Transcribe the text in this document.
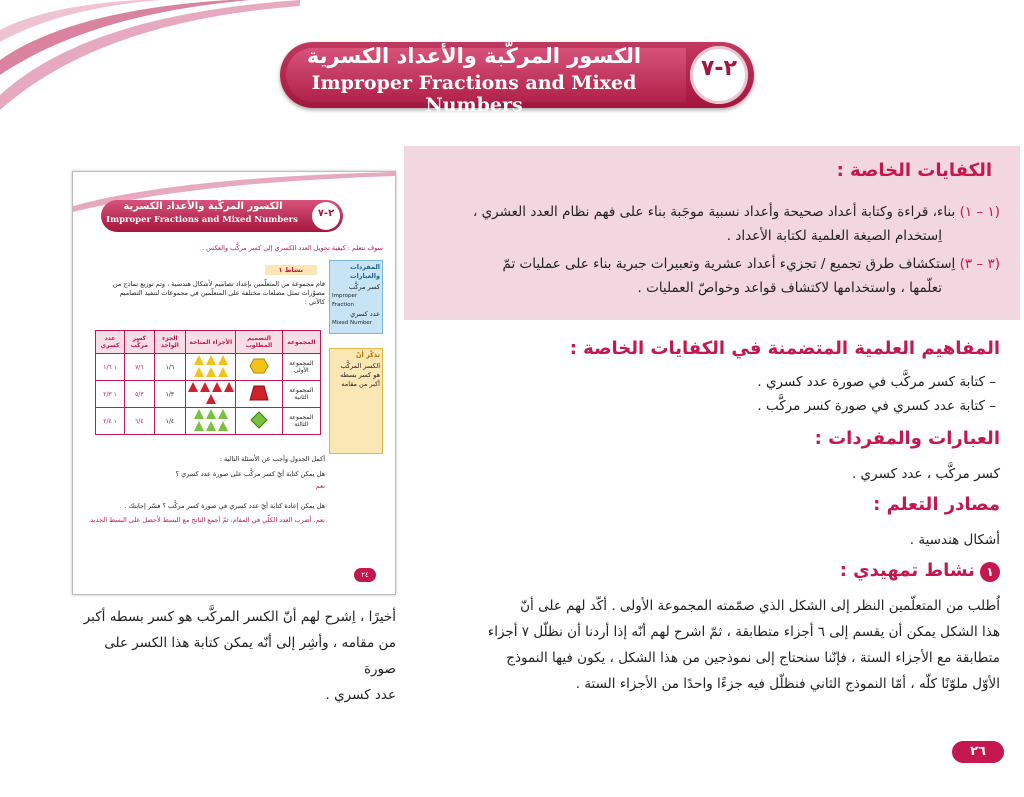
الكسور المركَّبة والأعداد الكسرية
Improper Fractions and Mixed Numbers
٢-٧
الكفايات الخاصة :
(١ – ١) بناء، قراءة وكتابة أعداد صحيحة وأعداد نسبية موجَبة بناء على فهم نظام العدد العشري ،
اِستخدام الصيغة العلمية لكتابة الأعداد .
(٣ – ٣) اِستكشاف طرق تجميع / تجزيء أعداد عشرية وتعبيرات جبرية بناء على عمليات تمّ
تعلّمها ، واستخدامها لاكتشاف قواعد وخواصّ العمليات .
المفاهيم العلمية المتضمنة في الكفايات الخاصة :
– كتابة كسر مركَّب في صورة عدد كسري .
– كتابة عدد كسري في صورة كسر مركَّب .
العبارات والمفردات :
كسر مركَّب ، عدد كسري .
مصادر التعلم :
أشكال هندسية .
١ نشاط تمهيدي :
اُطلب من المتعلّمين النظر إلى الشكل الذي صمّمته المجموعة الأولى . أكّد لهم على أنّ
هذا الشكل يمكن أن يقسم إلى ٦ أجزاء متطابقة ، ثمّ اشرح لهم أنّه إذا أردنا أن نظلّل ٧ أجزاء
متطابقة مع الأجزاء الستة ، فإنّنا سنحتاج إلى نموذجين من هذا الشكل ، يكون فيها النموذج
الأوّل ملوّنًا كلّه ، أمّا النموذج الثاني فنظلّل فيه جزءًا واحدًا من الأجزاء الستة .
أخيرًا ، اِشرح لهم أنّ الكسر المركَّب هو كسر بسطه أكبر
من مقامه ، وأشِر إلى أنّه يمكن كتابة هذا الكسر على صورة
عدد كسري .
الكسور المركَّبة والأعداد الكسرية
Improper Fractions and Mixed Numbers
٢-٧
سوف نتعلم : كيفية تحويل العدد الكسري إلى كسر مركَّب والعكس .
المفردات والعبارات
كسر مركَّب
Improper Fraction
عدد كسري
Mixed Number
تذكّر أنّ
الكسر المركَّب هو كسر بسطه أكبر من مقامه
نشاط ١
قام مجموعة من المتعلّمين بإعداد تصاميم لأشكال هندسية ، وتم توزيع نماذج من
مصوّرات تمثل مضلعات مختلفة على المتعلّمين في مجموعات لتنفيذ التصاميم
كالآتي :
المجموعة	التصميم المطلوب	الأجزاء المتاحة	الجزء الواحد	كسر مركَّب	عدد كسري
المجموعة الأولى			١/٦	٧/٦	١ ١/٦
المجموعة الثانية			١/٣	٥/٣	١ ٢/٣
المجموعة الثالثة			١/٤	٦/٤	١ ٢/٤
أكمل الجدول وأجب عن الأسئلة التالية :
هل يمكن كتابة أيّ كسر مركَّب على صورة عدد كسري ؟
نعم
هل يمكن إعادة كتابة أيّ عدد كسري في صورة كسر مركَّب ؟ فسّر إجابتك .
نعم، أضرب العدد الكلّي في المقام، ثمّ أجمع الناتج مع البسط لأحصل على البسط الجديد.
٢٤
٢٦
